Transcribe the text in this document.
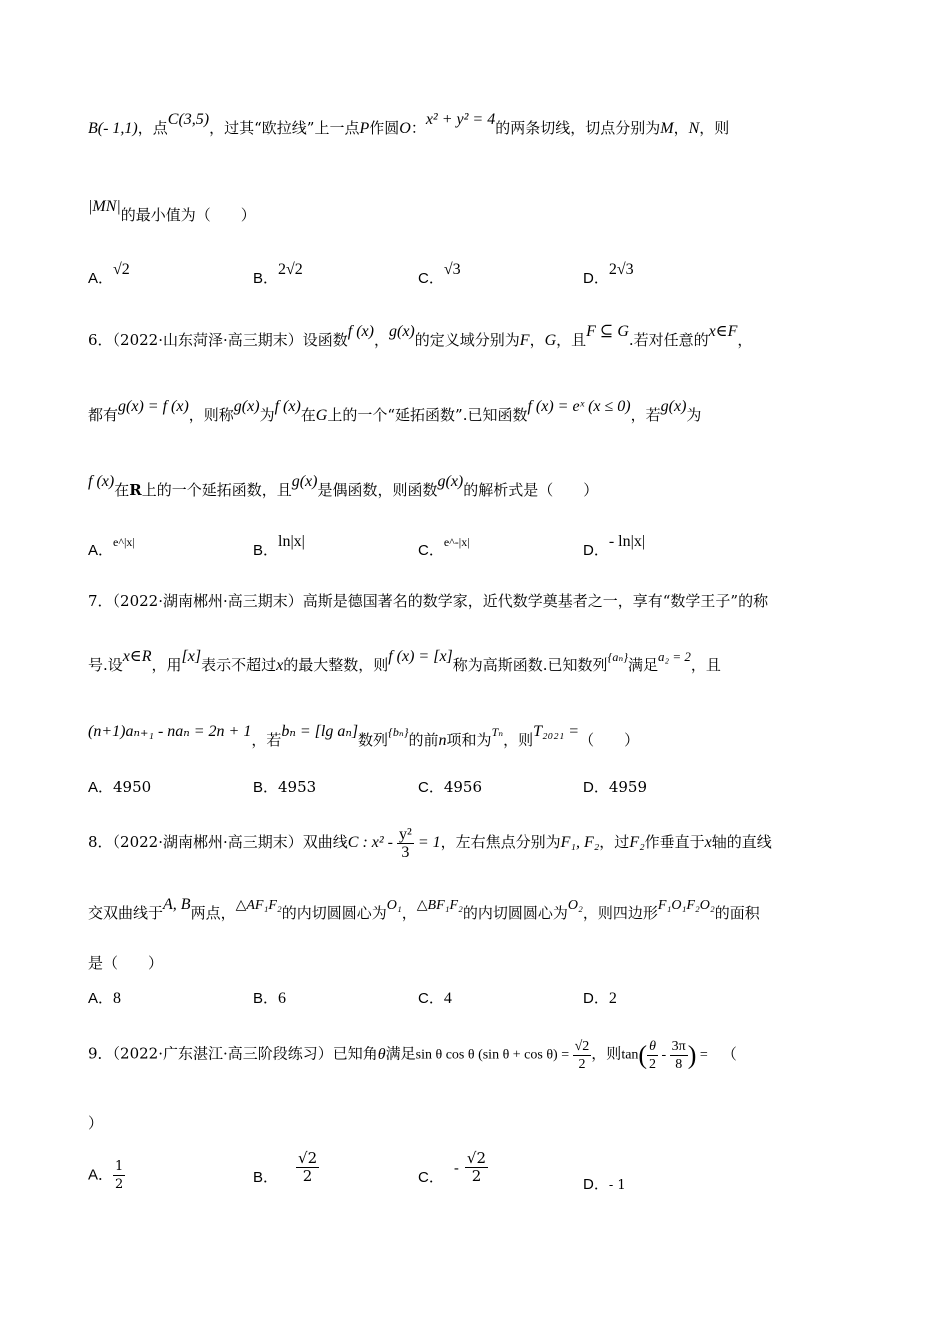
B(- 1,1)，点C(3,5)，过其“欧拉线”上一点P作圆O：x² + y² = 4的两条切线，切点分别为M，N，则
|MN|的最小值为（　　）
A．√2
B．2√2
C．√3
D．2√3
6．（2022·山东菏泽·高三期末）设函数f (x)，g(x)的定义域分别为F，G，且F ⊆ G.若对任意的x∈F，
都有g(x) = f (x)，则称g(x)为f (x)在G上的一个“延拓函数”.已知函数f (x) = eˣ (x ≤ 0)，若g(x)为
f (x)在R上的一个延拓函数，且g(x)是偶函数，则函数g(x)的解析式是（　　）
A．e^|x|	B．ln|x|
C．e^-|x|	D．- ln|x|
7．（2022·湖南郴州·高三期末）高斯是德国著名的数学家，近代数学奠基者之一，享有“数学王子”的称
号.设x∈R，用[x]表示不超过x的最大整数，则f (x) = [x]称为高斯函数.已知数列{aₙ}满足a₂ = 2，且
(n+1)aₙ₊₁ - naₙ = 2n + 1，若bₙ = [lg aₙ]数列{bₙ}的前n项和为Tₙ，则T₂₀₂₁ =（　　）
A．4950	B．4953	C．4956	D．4959
8．（2022·湖南郴州·高三期末）双曲线C : $x^2 - \frac{\text{y²}}{3} = 1$，左右焦点分别为F₁, F₂，过F₂作垂直于x轴的直线
交双曲线于A, B两点，△AF₁F₂的内切圆圆心为O₁，△BF₁F₂的内切圆圆心为O₂，则四边形F₁O₁F₂O₂的面积
是（　　）
A．8	B．6	C．4	D．2
9．（2022·广东湛江·高三阶段练习）已知角θ满足sin θ cos θ (sin $\theta + \cos \theta) = \frac{√2}{2}$ ，则$\tan( \frac{\theta}{2} - \frac{3\pi}{8}$ ) = （
）
A． $\frac{1}{2}$	B． $\frac{√2}{2}$	C．- $\frac{√2}{2}$	D．- 1
